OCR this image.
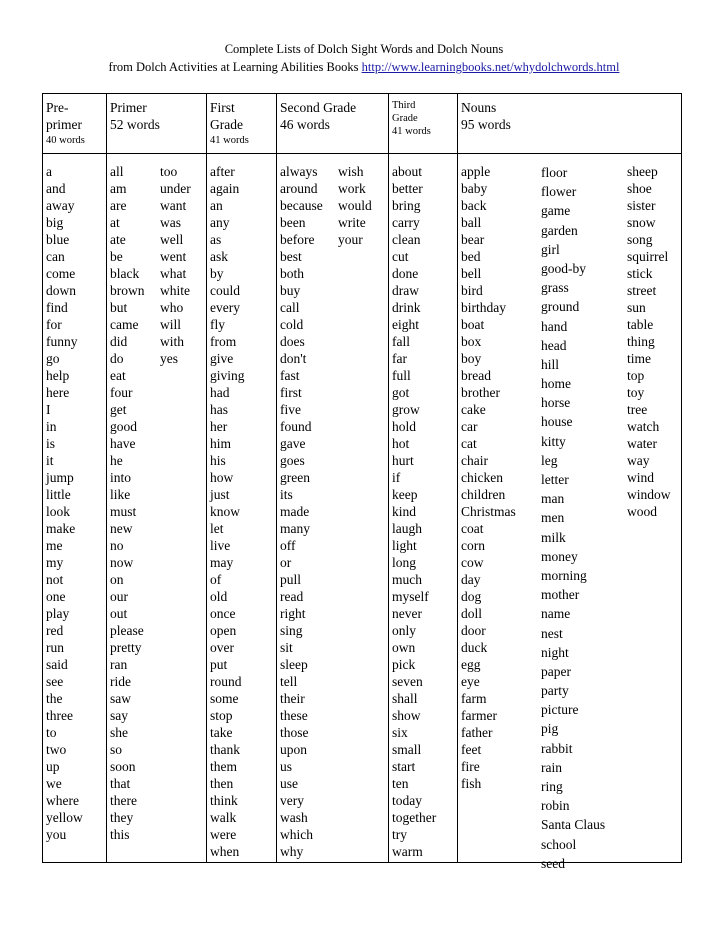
Complete Lists of Dolch Sight Words and Dolch Nouns
from Dolch Activities at Learning Abilities Books http://www.learningbooks.net/whydolchwords.html
Pre-
primer
40 words
Primer
52 words
First
Grade
41 words
Second Grade
46 words
Third
Grade
41 words
Nouns
95 words
a
and
away
big
blue
can
come
down
find
for
funny
go
help
here
I
in
is
it
jump
little
look
make
me
my
not
one
play
red
run
said
see
the
three
to
two
up
we
where
yellow
you
all
am
are
at
ate
be
black
brown
but
came
did
do
eat
four
get
good
have
he
into
like
must
new
no
now
on
our
out
please
pretty
ran
ride
saw
say
she
so
soon
that
there
they
this
too
under
want
was
well
went
what
white
who
will
with
yes
after
again
an
any
as
ask
by
could
every
fly
from
give
giving
had
has
her
him
his
how
just
know
let
live
may
of
old
once
open
over
put
round
some
stop
take
thank
them
then
think
walk
were
when
always
around
because
been
before
best
both
buy
call
cold
does
don't
fast
first
five
found
gave
goes
green
its
made
many
off
or
pull
read
right
sing
sit
sleep
tell
their
these
those
upon
us
use
very
wash
which
why
wish
work
would
write
your
about
better
bring
carry
clean
cut
done
draw
drink
eight
fall
far
full
got
grow
hold
hot
hurt
if
keep
kind
laugh
light
long
much
myself
never
only
own
pick
seven
shall
show
six
small
start
ten
today
together
try
warm
apple
baby
back
ball
bear
bed
bell
bird
birthday
boat
box
boy
bread
brother
cake
car
cat
chair
chicken
children
Christmas
coat
corn
cow
day
dog
doll
door
duck
egg
eye
farm
farmer
father
feet
fire
fish
floor
flower
game
garden
girl
good-by
grass
ground
hand
head
hill
home
horse
house
kitty
leg
letter
man
men
milk
money
morning
mother
name
nest
night
paper
party
picture
pig
rabbit
rain
ring
robin
Santa Claus
school
seed
sheep
shoe
sister
snow
song
squirrel
stick
street
sun
table
thing
time
top
toy
tree
watch
water
way
wind
window
wood
